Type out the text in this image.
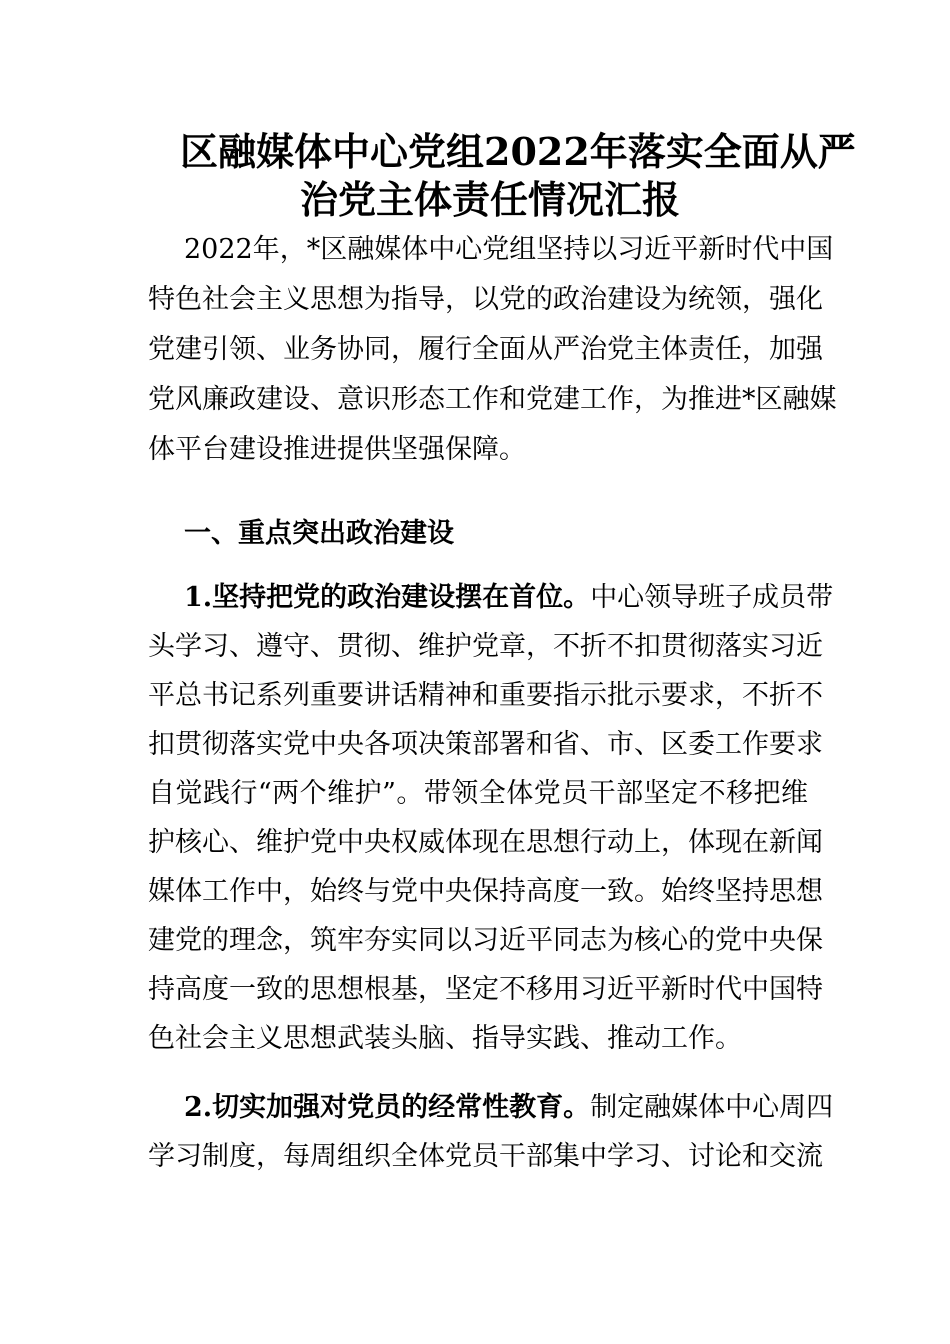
区融媒体中心党组2022年落实全面从严
治党主体责任情况汇报
2022年，*区融媒体中心党组坚持以习近平新时代中国
特色社会主义思想为指导，以党的政治建设为统领，强化
党建引领、业务协同，履行全面从严治党主体责任，加强
党风廉政建设、意识形态工作和党建工作，为推进*区融媒
体平台建设推进提供坚强保障。
一、重点突出政治建设
1.坚持把党的政治建设摆在首位。中心领导班子成员带
头学习、遵守、贯彻、维护党章，不折不扣贯彻落实习近
平总书记系列重要讲话精神和重要指示批示要求，不折不
扣贯彻落实党中央各项决策部署和省、市、区委工作要求
自觉践行“两个维护”。带领全体党员干部坚定不移把维
护核心、维护党中央权威体现在思想行动上，体现在新闻
媒体工作中，始终与党中央保持高度一致。始终坚持思想
建党的理念，筑牢夯实同以习近平同志为核心的党中央保
持高度一致的思想根基，坚定不移用习近平新时代中国特
色社会主义思想武装头脑、指导实践、推动工作。
2.切实加强对党员的经常性教育。制定融媒体中心周四
学习制度，每周组织全体党员干部集中学习、讨论和交流
